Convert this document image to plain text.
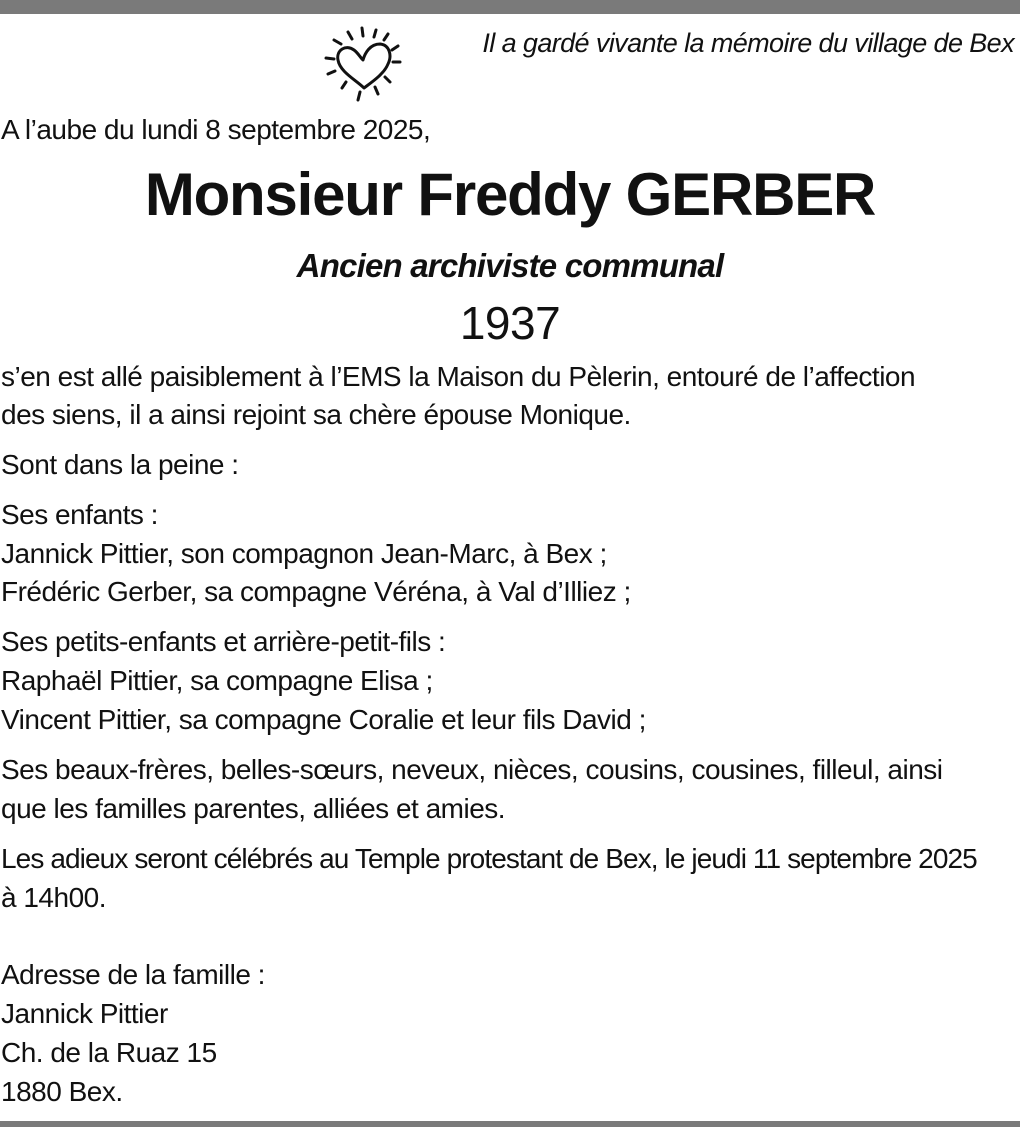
Il a gardé vivante la mémoire du village de Bex
A l’aube du lundi 8 septembre 2025,
Monsieur Freddy GERBER
Ancien archiviste communal
1937
s’en est allé paisiblement à l’EMS la Maison du Pèlerin, entouré de l’affection
des siens, il a ainsi rejoint sa chère épouse Monique.
Sont dans la peine :
Ses enfants :
Jannick Pittier, son compagnon Jean-Marc, à Bex ;
Frédéric Gerber, sa compagne Véréna, à Val d’Illiez ;
Ses petits-enfants et arrière-petit-fils :
Raphaël Pittier, sa compagne Elisa ;
Vincent Pittier, sa compagne Coralie et leur fils David ;
Ses beaux-frères, belles-sœurs, neveux, nièces, cousins, cousines, filleul, ainsi
que les familles parentes, alliées et amies.
Les adieux seront célébrés au Temple protestant de Bex, le jeudi 11 septembre 2025
à 14h00.
Adresse de la famille :
Jannick Pittier
Ch. de la Ruaz 15
1880 Bex.
